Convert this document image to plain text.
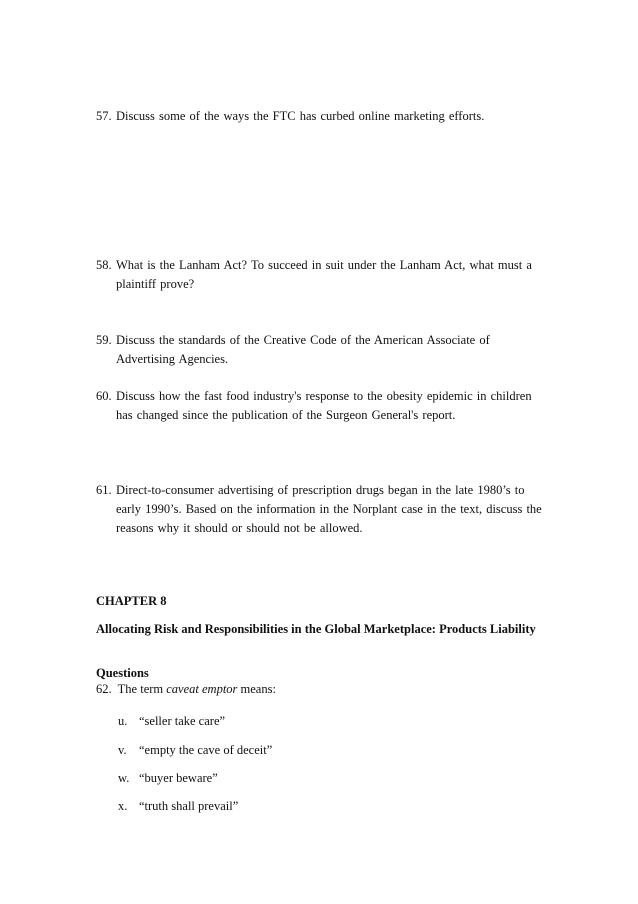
57. Discuss some of the ways the FTC has curbed online marketing efforts.
58. What is the Lanham Act? To succeed in suit under the Lanham Act, what must a plaintiff prove?
59. Discuss the standards of the Creative Code of the American Associate of Advertising Agencies.
60. Discuss how the fast food industry's response to the obesity epidemic in children has changed since the publication of the Surgeon General's report.
61. Direct-to-consumer advertising of prescription drugs began in the late 1980’s to early 1990’s. Based on the information in the Norplant case in the text, discuss the reasons why it should or should not be allowed.
CHAPTER 8
Allocating Risk and Responsibilities in the Global Marketplace: Products Liability
Questions
62. The term caveat emptor means:
u. “seller take care”
v. “empty the cave of deceit”
w. “buyer beware”
x. “truth shall prevail”
